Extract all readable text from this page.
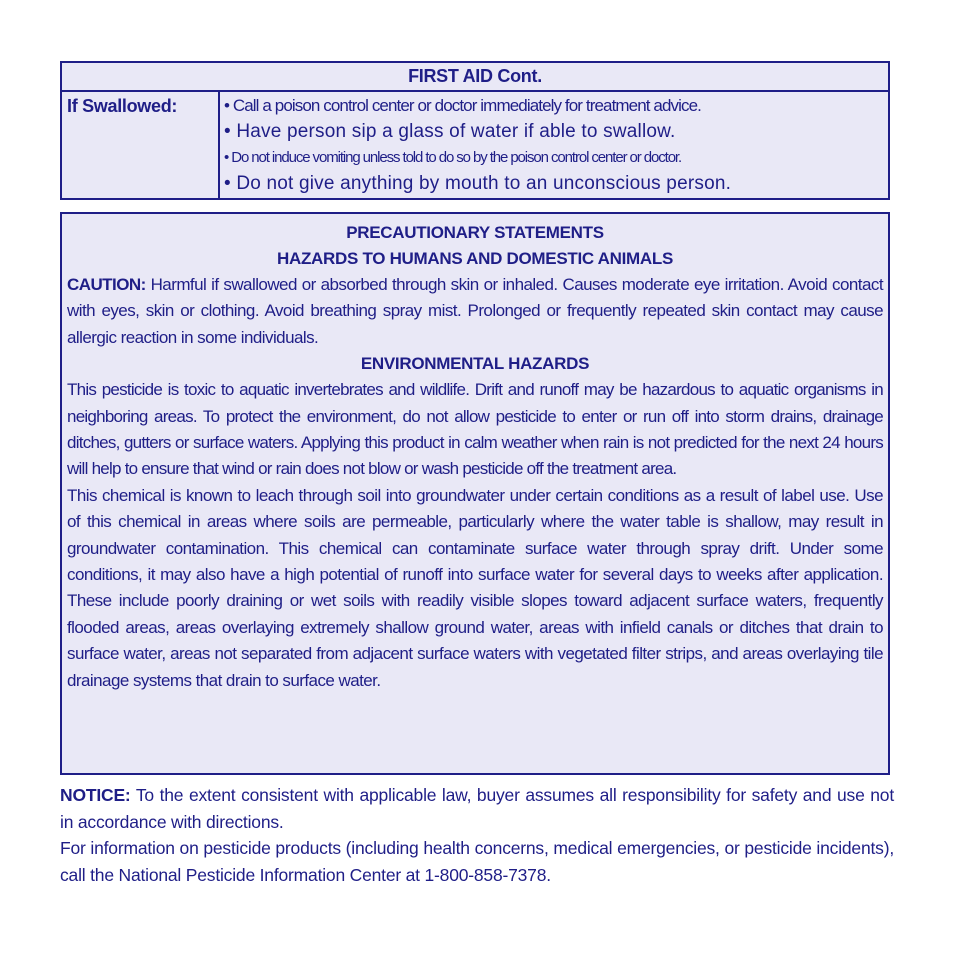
FIRST AID Cont.
If Swallowed:	• Call a poison control center or doctor immediately for treatment advice.
• Have person sip a glass of water if able to swallow.
• Do not induce vomiting unless told to do so by the poison control center or doctor.
• Do not give anything by mouth to an unconscious person.
PRECAUTIONARY STATEMENTS
HAZARDS TO HUMANS AND DOMESTIC ANIMALS
CAUTION: Harmful if swallowed or absorbed through skin or inhaled. Causes moderate eye irritation. Avoid contact with eyes, skin or clothing. Avoid breathing spray mist. Prolonged or frequently repeated skin contact may cause allergic reaction in some individuals.
ENVIRONMENTAL HAZARDS
This pesticide is toxic to aquatic invertebrates and wildlife. Drift and runoff may be hazardous to aquatic organisms in neighboring areas. To protect the environment, do not allow pesticide to enter or run off into storm drains, drainage ditches, gutters or surface waters. Applying this product in calm weather when rain is not predicted for the next 24 hours will help to ensure that wind or rain does not blow or wash pesticide off the treatment area.
This chemical is known to leach through soil into groundwater under certain conditions as a result of label use. Use of this chemical in areas where soils are permeable, particularly where the water table is shallow, may result in groundwater contamination. This chemical can contaminate surface water through spray drift. Under some conditions, it may also have a high potential of runoff into surface water for several days to weeks after application. These include poorly draining or wet soils with readily visible slopes toward adjacent surface waters, frequently flooded areas, areas overlaying extremely shallow ground water, areas with infield canals or ditches that drain to surface water, areas not separated from adjacent surface waters with vegetated filter strips, and areas overlaying tile drainage systems that drain to surface water.
NOTICE: To the extent consistent with applicable law, buyer assumes all responsibility for safety and use not in accordance with directions.
For information on pesticide products (including health concerns, medical emergencies, or pesticide incidents), call the National Pesticide Information Center at 1-800-858-7378.
